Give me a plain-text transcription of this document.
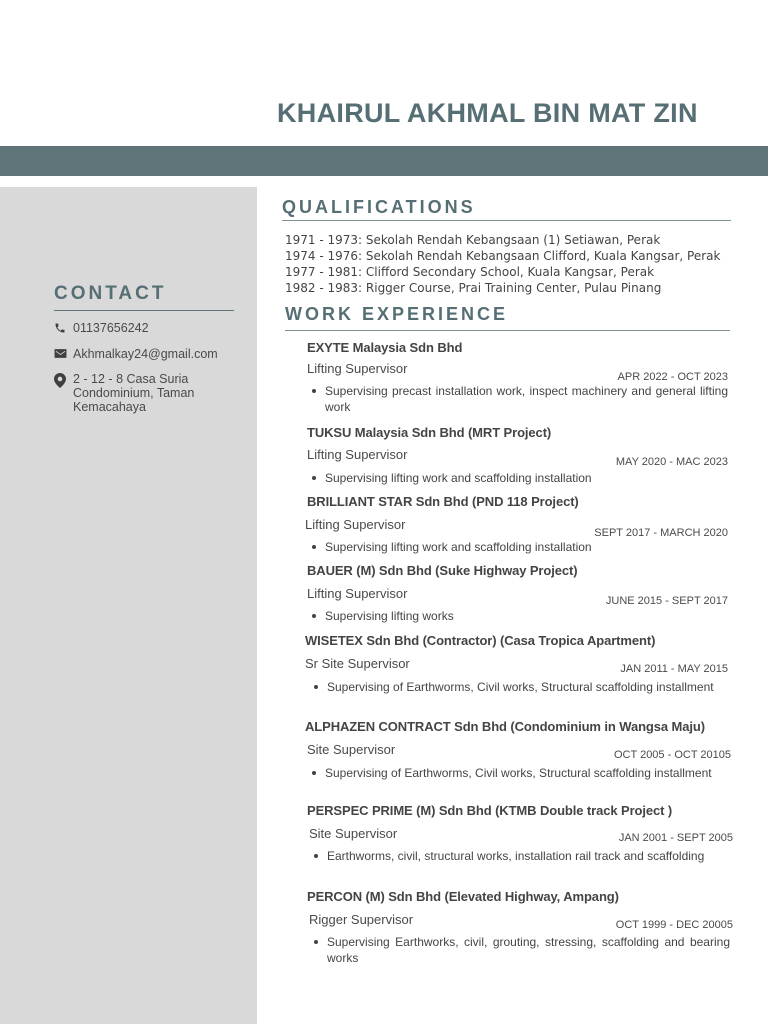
KHAIRUL AKHMAL BIN MAT ZIN
CONTACT
01137656242
Akhmalkay24@gmail.com
2 - 12 - 8 Casa Suria Condominium, Taman Kemacahaya
QUALIFICATIONS
1971 - 1973: Sekolah Rendah Kebangsaan (1) Setiawan, Perak
1974 - 1976: Sekolah Rendah Kebangsaan Clifford, Kuala Kangsar, Perak
1977 - 1981: Clifford Secondary School, Kuala Kangsar, Perak
1982 - 1983: Rigger Course, Prai Training Center, Pulau Pinang
WORK EXPERIENCE
EXYTE Malaysia Sdn Bhd
Lifting Supervisor
APR 2022 - OCT 2023
Supervising precast installation work, inspect machinery and general lifting work
TUKSU Malaysia Sdn Bhd (MRT Project)
Lifting Supervisor	MAY 2020 - MAC 2023
Supervising lifting work and scaffolding installation
BRILLIANT STAR Sdn Bhd (PND 118 Project)
Lifting Supervisor
SEPT 2017 - MARCH 2020
Supervising lifting work and scaffolding installation
BAUER (M) Sdn Bhd (Suke Highway Project)
Lifting Supervisor	JUNE 2015 - SEPT 2017
Supervising lifting works
WISETEX Sdn Bhd (Contractor) (Casa Tropica Apartment)
Sr Site Supervisor	JAN 2011 - MAY 2015
Supervising of Earthworms, Civil works, Structural scaffolding installment
ALPHAZEN CONTRACT Sdn Bhd (Condominium in Wangsa Maju)
Site Supervisor	OCT 2005 - OCT 20105
Supervising of Earthworms, Civil works, Structural scaffolding installment
PERSPEC PRIME (M) Sdn Bhd (KTMB Double track Project )
Site Supervisor	JAN 2001 - SEPT 2005
Earthworms, civil, structural works, installation rail track and scaffolding
PERCON (M) Sdn Bhd (Elevated Highway, Ampang)
Rigger Supervisor	OCT 1999 - DEC 20005
Supervising Earthworks, civil, grouting, stressing, scaffolding and bearing works
